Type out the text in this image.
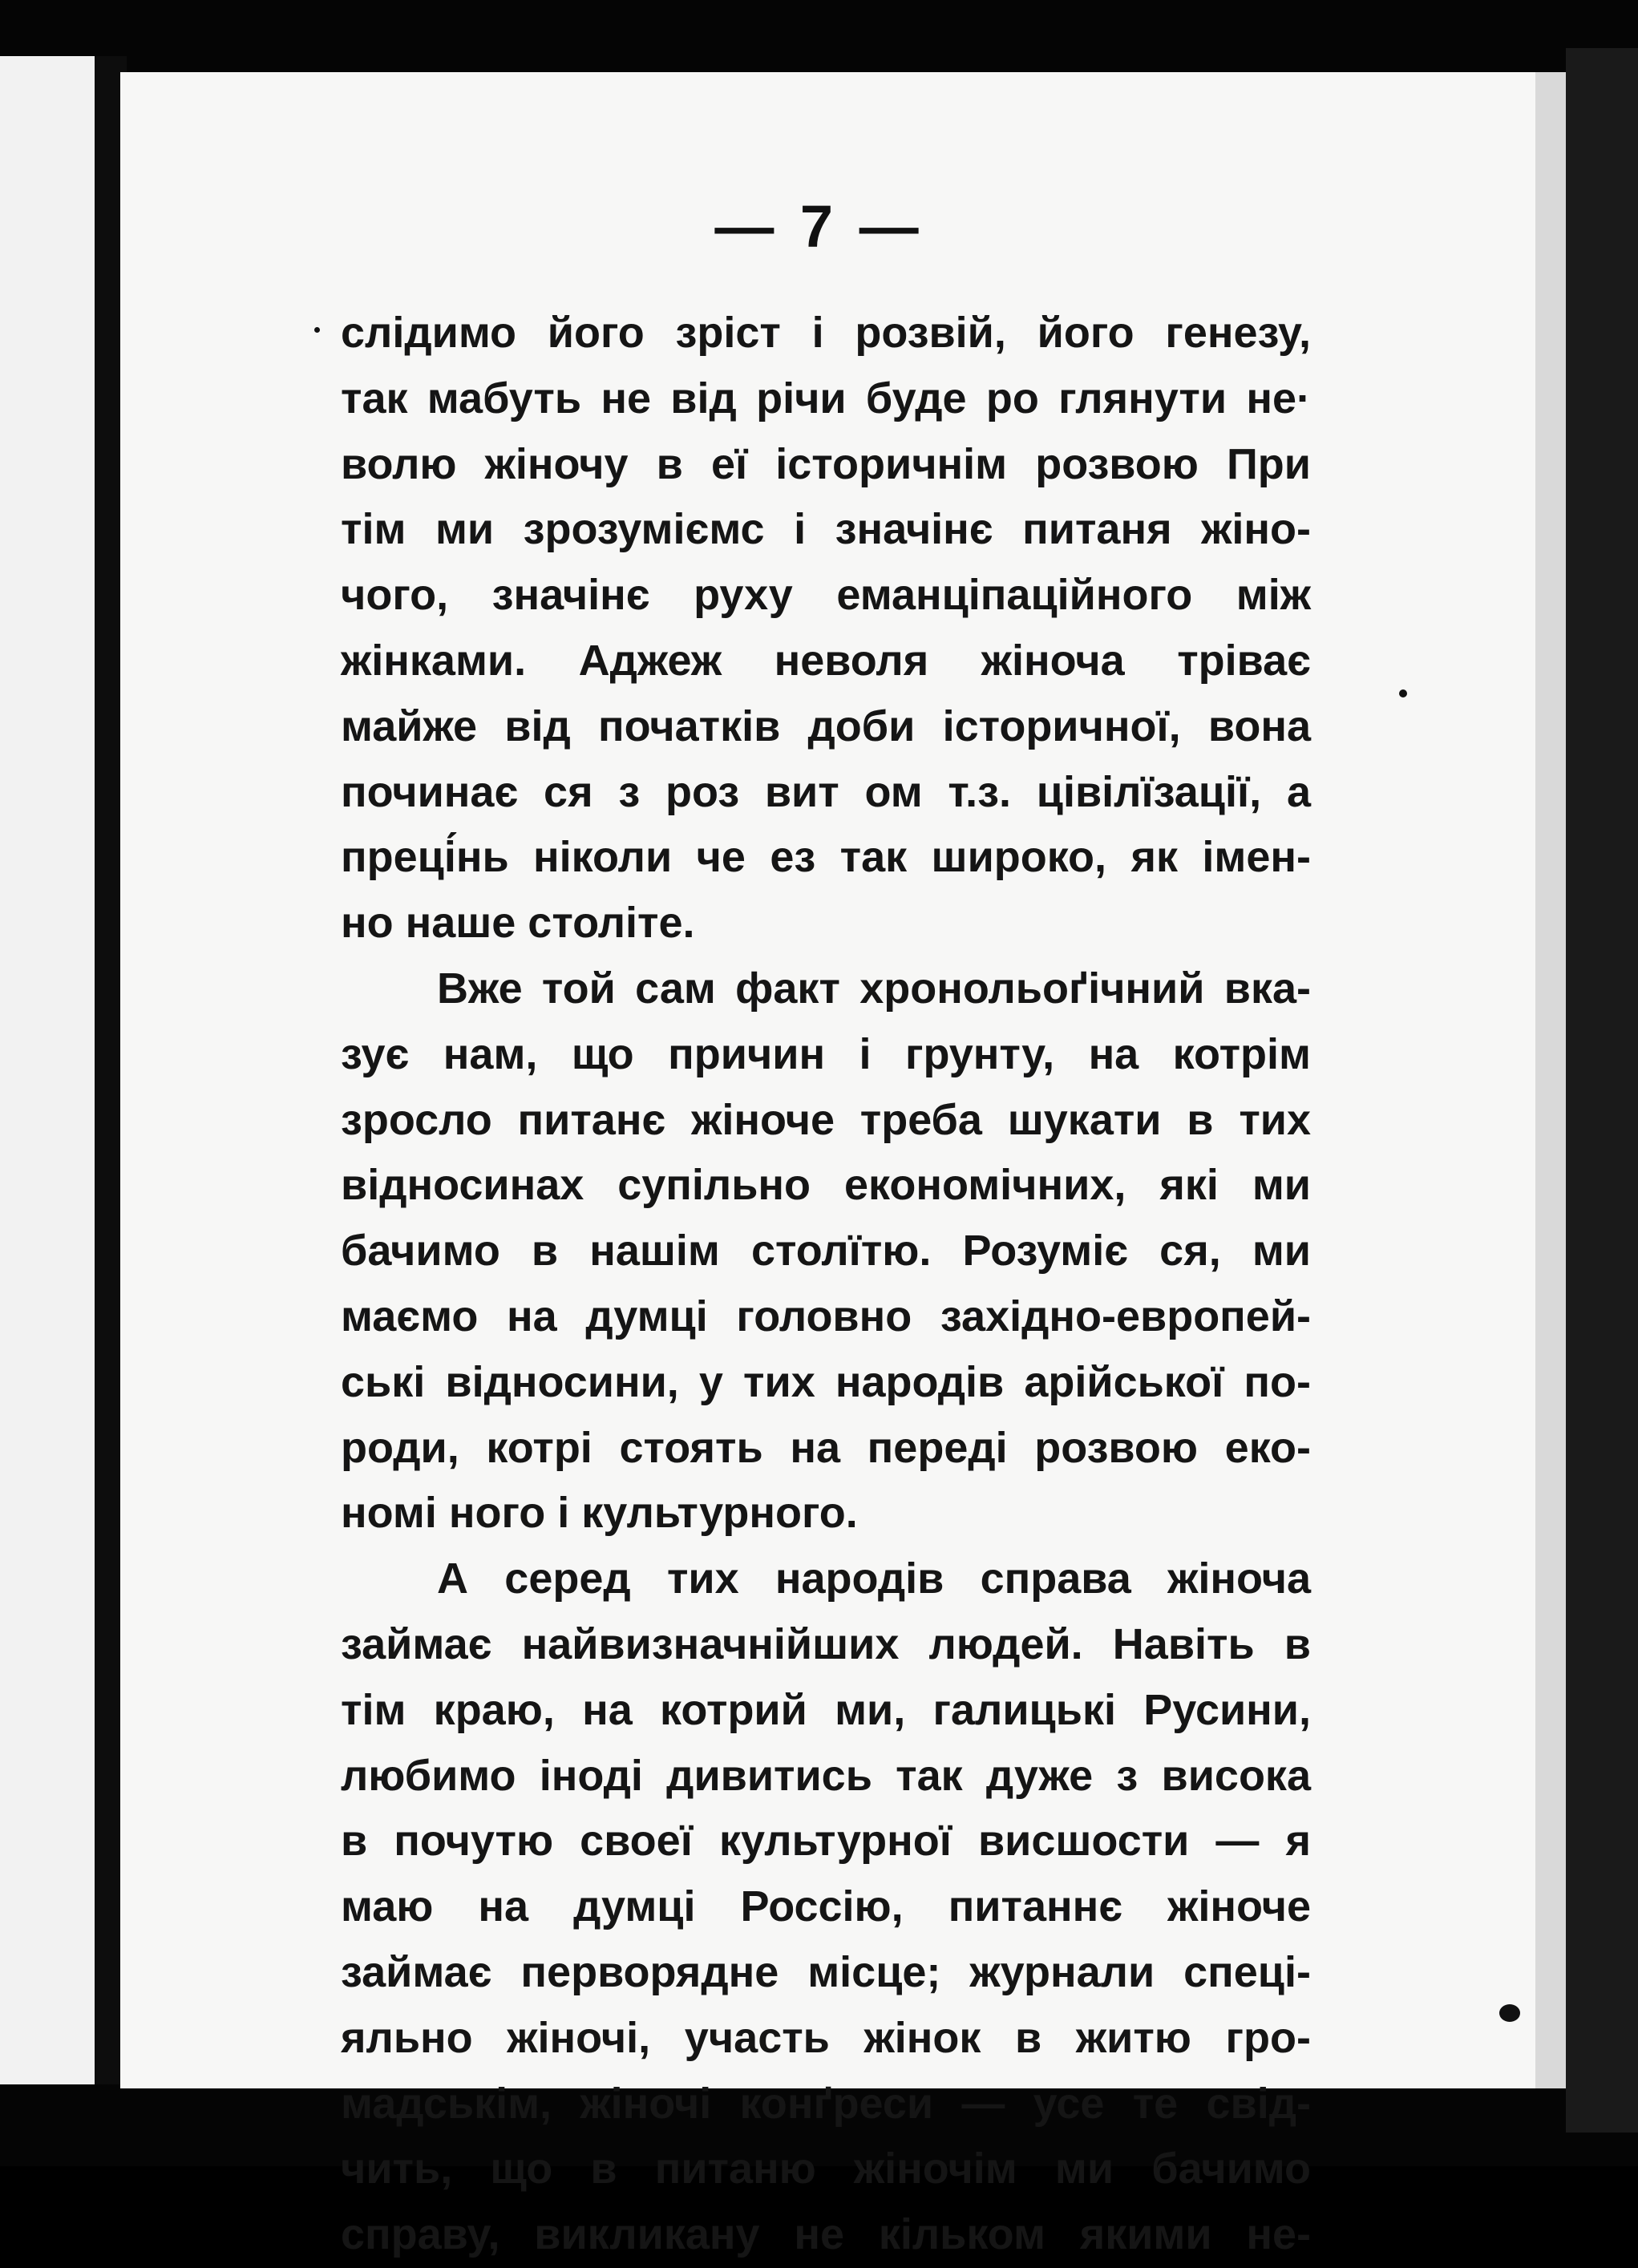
— 7 —

слідимо його зріст і розвій, його генезу,
так мабуть не від річи буде ро глянути не·
волю жіночу в еї історичнім розвою При
тім ми зрозуміємс і значінє питаня жіно-
чого, значінє руху еманціпаційного між
жінками. Аджеж неволя жіноча тріває
майже від початків доби історичної, вона
починає ся з роз вит ом т.з. цівілїзації, а
преці́нь ніколи че ез так широко, як імен-
но наше століте.

Вже той сам факт хронольоґічний вка-
зує нам, що причин і грунту, на котрім
зросло питанє жіноче треба шукати в тих
відносинах супільно економічних, які ми
бачимо в нашім столїтю. Розуміє ся, ми
маємо на думці головно західно-европей-
ські відносини, у тих народів арійської по-
роди, котрі стоять на переді розвою еко-
номі ного і культурного.

А серед тих народів справа жіноча
займає найвизначнійших людей. Навіть в
тім краю, на котрий ми, галицькі Русини,
любимо іноді дивитись так дуже з висока
в почутю своеї культурної висшости — я
маю на думці Россію, питаннє жіноче
займає перворядне місце; журнали спеці-
яльно жіночі, участь жінок в житю гро-
мадськім, жіночі конґреси — усе те свід-
чить, що в питаню жіночім ми бачимо
справу, викликану не кільком якими не-
